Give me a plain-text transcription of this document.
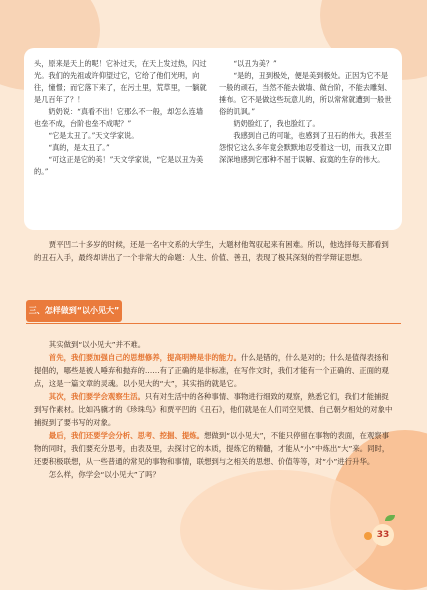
头，原来是天上的呢！它补过天，在天上发过热，闪过光。我们的先祖或许仰望过它，它给了他们光明，向往，憧憬；而它落下来了，在污土里，荒草里，一躺就是几百年了？！

奶奶说：“真看不出！它那么不一般，却怎么连墙也垒不成，台阶也垒不成呢？”

“它是太丑了。”天文学家说。

“真的，是太丑了。”

“可这正是它的美！”天文学家说，“它是以丑为美的。”

“以丑为美？”

“是的，丑到极处，便是美到极处。正因为它不是一般的顽石，当然不能去做墙、做台阶，不能去雕刻、捶布。它不是做这些玩意儿的，所以常常就遭到一般世俗的讥讽。”

奶奶脸红了，我也脸红了。

我感到自己的可耻，也感到了丑石的伟大，我甚至怨恨它这么多年竟会默默地忍受着这一切，而我又立即深深地感到它那种不屈于误解、寂寞的生存的伟大。

贾平凹二十多岁的时候，还是一名中文系的大学生，大题材他驾驭起来有困难。所以，他选择每天都看到的丑石入手，最终却讲出了一个非常大的命题：人生、价值、善丑，表现了极其深刻的哲学辩证思想。

三、怎样做到“以小见大”

其实做到“以小见大”并不难。

首先，我们要加强自己的思想修养，提高明辨是非的能力。什么是错的，什么是对的；什么是值得表扬和提倡的，哪些是被人唾弃和抛弃的……有了正确的是非标准，在写作文时，我们才能有一个正确的、正面的观点，这是一篇文章的灵魂。以小见大的“大”，其实指的就是它。

其次，我们要学会观察生活。只有对生活中的各种事情、事物进行细致的观察，熟悉它们，我们才能捕捉到写作素材。比如冯骥才的《珍珠鸟》和贾平凹的《丑石》，他们就是在人们司空见惯、自己朝夕相处的对象中捕捉到了要书写的对象。

最后，我们还要学会分析、思考、挖掘、提炼。想做到“以小见大”，不能只停留在事物的表面，在观察事物的同时，我们要充分思考，由表及里，去探讨它的本质，提炼它的精髓，才能从“小”中炼出“大”来。同时，还要积极联想，从一些普通的常见的事物和事情，联想到与之相关的思想、价值等等，对“小”进行升华。

怎么样，你学会“以小见大”了吗？

33
